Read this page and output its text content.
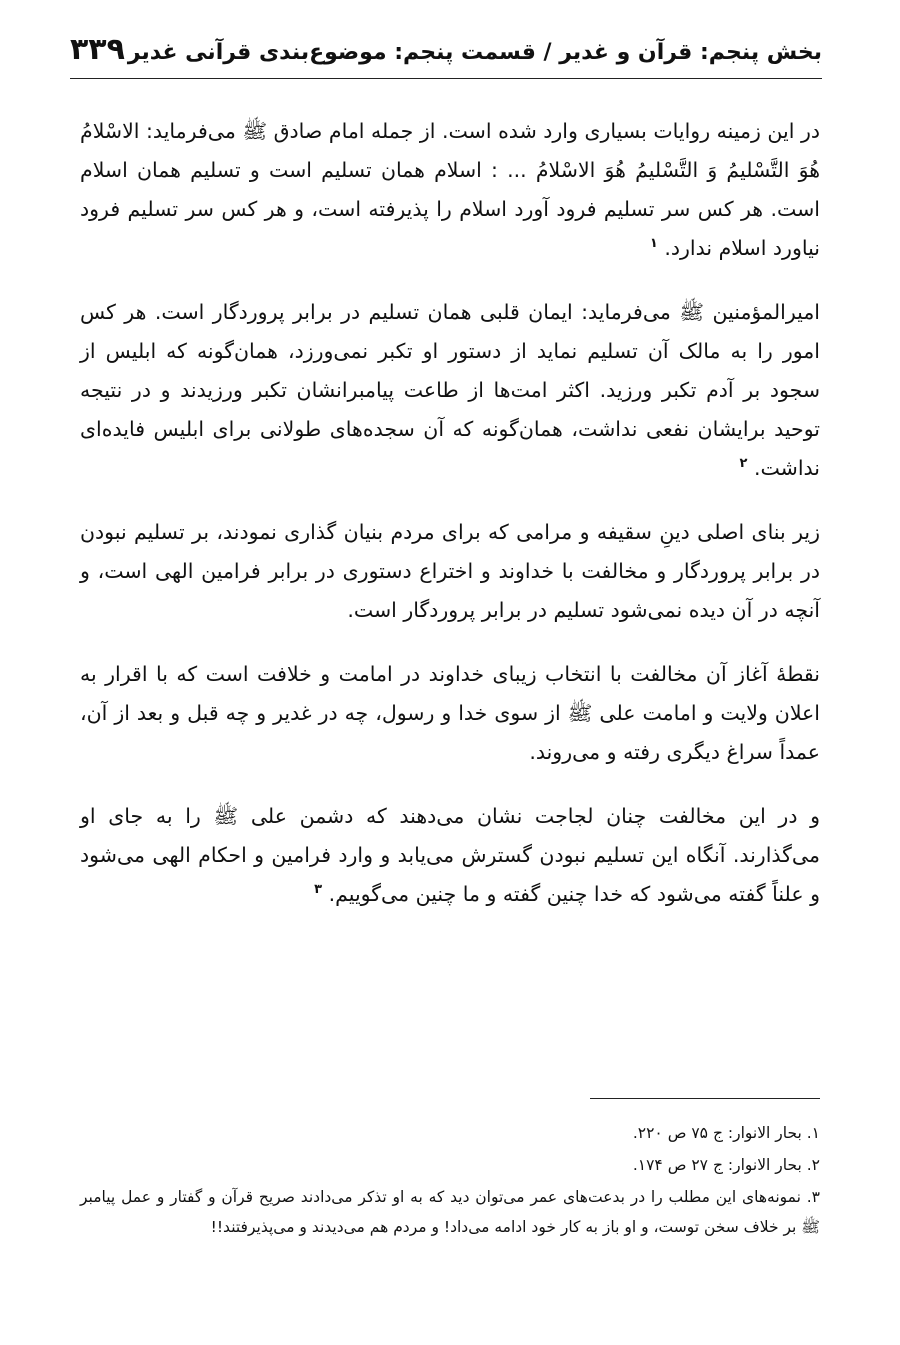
بخش پنجم: قرآن و غدیر / قسمت پنجم: موضوع‌بندی قرآنی غدیر
۳۳۹

در این زمینه روایات بسیاری وارد شده است. از جمله امام صادق ﷺ می‌فرماید: الاسْلامُ هُوَ التَّسْلیمُ وَ التَّسْلیمُ هُوَ الاسْلامُ ... : اسلام همان تسلیم است و تسلیم همان اسلام است. هر کس سر تسلیم فرود آورد اسلام را پذیرفته است، و هر کس سر تسلیم فرود نیاورد اسلام ندارد. $^۱$

امیرالمؤمنین ﷺ می‌فرماید: ایمان قلبی همان تسلیم در برابر پروردگار است. هر کس امور را به مالک آن تسلیم نماید از دستور او تکبر نمی‌ورزد، همان‌گونه که ابلیس از سجود بر آدم تکبر ورزید. اکثر امت‌ها از طاعت پیامبرانشان تکبر ورزیدند و در نتیجه توحید برایشان نفعی نداشت، همان‌گونه که آن سجده‌های طولانی برای ابلیس فایده‌ای نداشت. $^۲$

زیر بنای اصلی دینِ سقیفه و مرامی که برای مردم بنیان گذاری نمودند، بر تسلیم نبودن در برابر پروردگار و مخالفت با خداوند و اختراع دستوری در برابر فرامین الهی است، و آنچه در آن دیده نمی‌شود تسلیم در برابر پروردگار است.

نقطهٔ آغاز آن مخالفت با انتخاب زیبای خداوند در امامت و خلافت است که با اقرار به اعلان ولایت و امامت علی ﷺ از سوی خدا و رسول، چه در غدیر و چه قبل و بعد از آن، عمداً سراغ دیگری رفته و می‌روند.

و در این مخالفت چنان لجاجت نشان می‌دهند که دشمن علی ﷺ را به جای او می‌گذارند. آنگاه این تسلیم نبودن گسترش می‌یابد و وارد فرامین و احکام الهی می‌شود و علناً گفته می‌شود که خدا چنین گفته و ما چنین می‌گوییم. $^۳$

۱. بحار الانوار: ج ۷۵ ص ۲۲۰.

۲. بحار الانوار: ج ۲۷ ص ۱۷۴.

۳. نمونه‌های این مطلب را در بدعت‌های عمر می‌توان دید که به او تذکر می‌دادند صریح قرآن و گفتار و عمل پیامبر ﷺ بر خلاف سخن توست، و او باز به کار خود ادامه می‌داد! و مردم هم می‌دیدند و می‌پذیرفتند!!
